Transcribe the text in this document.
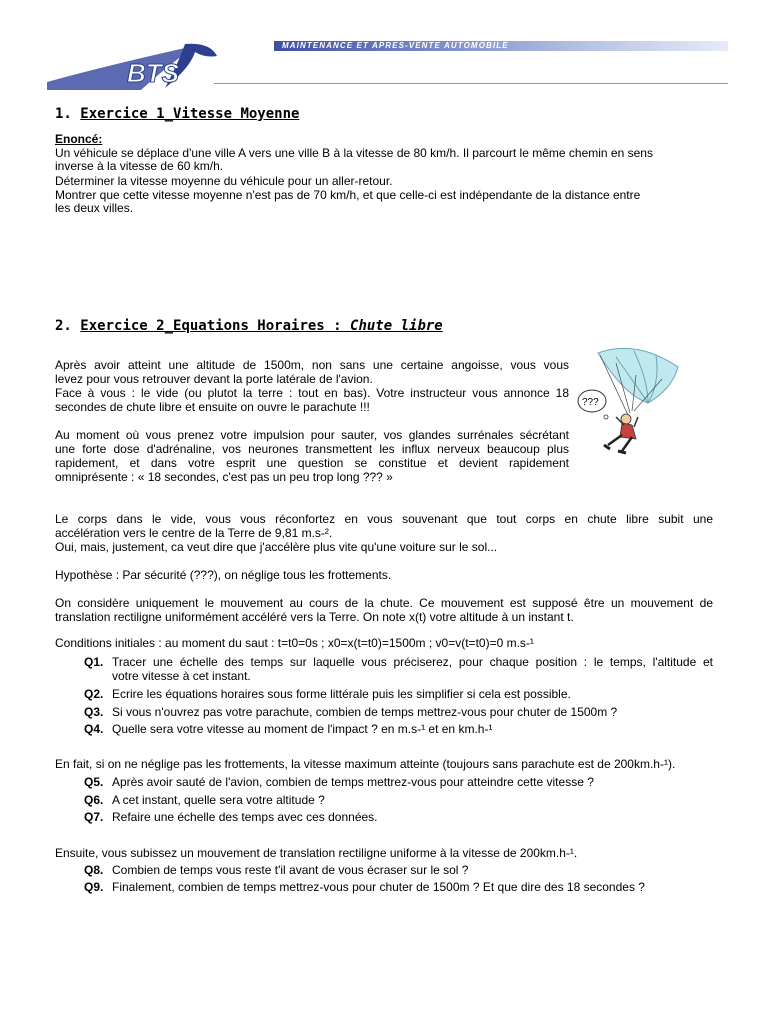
MAINTENANCE ET APRES-VENTE AUTOMOBILE
BTS
1. Exercice 1_Vitesse Moyenne
Enoncé:
Un véhicule se déplace d'une ville A vers une ville B à la vitesse de 80 km/h. Il parcourt le même chemin en sens
inverse à la vitesse de 60 km/h.
Déterminer la vitesse moyenne du véhicule pour un aller-retour.
Montrer que cette vitesse moyenne n'est pas de 70 km/h, et que celle-ci est indépendante de la distance entre
les deux villes.
2. Exercice 2_Equations Horaires : Chute libre
Après avoir atteint une altitude de 1500m, non sans une certaine angoisse, vous vous
levez pour vous retrouver devant la porte latérale de l'avion.
Face à vous : le vide (ou plutot la terre : tout en bas). Votre instructeur vous annonce 18
secondes de chute libre et ensuite on ouvre le parachute !!!
Au moment où vous prenez votre impulsion pour sauter, vos glandes surrénales sécrétant
une forte dose d'adrénaline, vos neurones transmettent les influx nerveux beaucoup plus
rapidement, et dans votre esprit une question se constitue et devient rapidement
omniprésente : « 18 secondes, c'est pas un peu trop long ??? »
???
Le corps dans le vide, vous vous réconfortez en vous souvenant que tout corps en chute libre subit une
accélération vers le centre de la Terre de 9,81 m.s-².
Oui, mais, justement, ca veut dire que j'accélère plus vite qu'une voiture sur le sol...
Hypothèse : Par sécurité (???), on néglige tous les frottements.
On considère uniquement le mouvement au cours de la chute. Ce mouvement est supposé être un mouvement de
translation rectiligne uniformément accéléré vers la Terre. On note x(t) votre altitude à un instant t.
Conditions initiales : au moment du saut : t=t0=0s ; x0=x(t=t0)=1500m ; v0=v(t=t0)=0 m.s-¹
Q1. Tracer une échelle des temps sur laquelle vous préciserez, pour chaque position : le temps, l'altitude et
votre vitesse à cet instant.
Q2. Ecrire les équations horaires sous forme littérale puis les simplifier si cela est possible.
Q3. Si vous n'ouvrez pas votre parachute, combien de temps mettrez-vous pour chuter de 1500m ?
Q4. Quelle sera votre vitesse au moment de l'impact ? en m.s-¹ et en km.h-¹
En fait, si on ne néglige pas les frottements, la vitesse maximum atteinte (toujours sans parachute est de 200km.h-¹).
Q5. Après avoir sauté de l'avion, combien de temps mettrez-vous pour atteindre cette vitesse ?
Q6. A cet instant, quelle sera votre altitude ?
Q7. Refaire une échelle des temps avec ces données.
Ensuite, vous subissez un mouvement de translation rectiligne uniforme à la vitesse de 200km.h-¹.
Q8. Combien de temps vous reste t'il avant de vous écraser sur le sol ?
Q9. Finalement, combien de temps mettrez-vous pour chuter de 1500m ? Et que dire des 18 secondes ?
